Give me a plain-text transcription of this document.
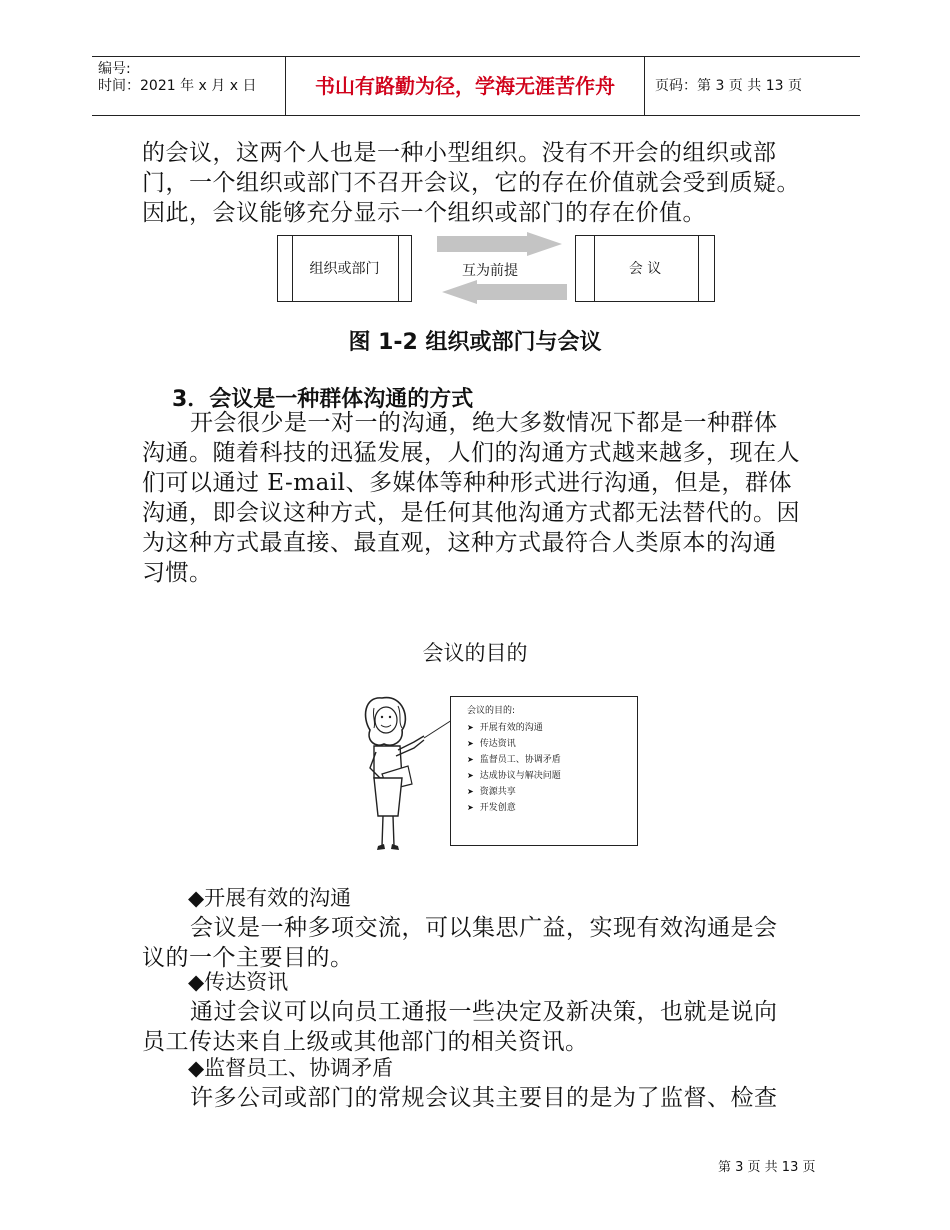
编号:
时间：2021 年 x 月 x 日	书山有路勤为径，学海无涯苦作舟	页码：第 3 页 共 13 页
的会议，这两个人也是一种小型组织。没有不开会的组织或部
门，一个组织或部门不召开会议，它的存在价值就会受到质疑。
因此，会议能够充分显示一个组织或部门的存在价值。
组织或部门	互为前提	会 议
图 1-2 组织或部门与会议
3．会议是一种群体沟通的方式
开会很少是一对一的沟通，绝大多数情况下都是一种群体
沟通。随着科技的迅猛发展，人们的沟通方式越来越多，现在人
们可以通过 E-mail、多媒体等种种形式进行沟通，但是，群体
沟通，即会议这种方式，是任何其他沟通方式都无法替代的。因
为这种方式最直接、最直观，这种方式最符合人类原本的沟通
习惯。
会议的目的
会议的目的:
➤ 开展有效的沟通
➤ 传达资讯
➤ 监督员工、协调矛盾
➤ 达成协议与解决问题
➤ 资源共享
➤ 开发创意
◆开展有效的沟通
会议是一种多项交流，可以集思广益，实现有效沟通是会
议的一个主要目的。
◆传达资讯
通过会议可以向员工通报一些决定及新决策，也就是说向
员工传达来自上级或其他部门的相关资讯。
◆监督员工、协调矛盾
许多公司或部门的常规会议其主要目的是为了监督、检查
第 3 页 共 13 页
